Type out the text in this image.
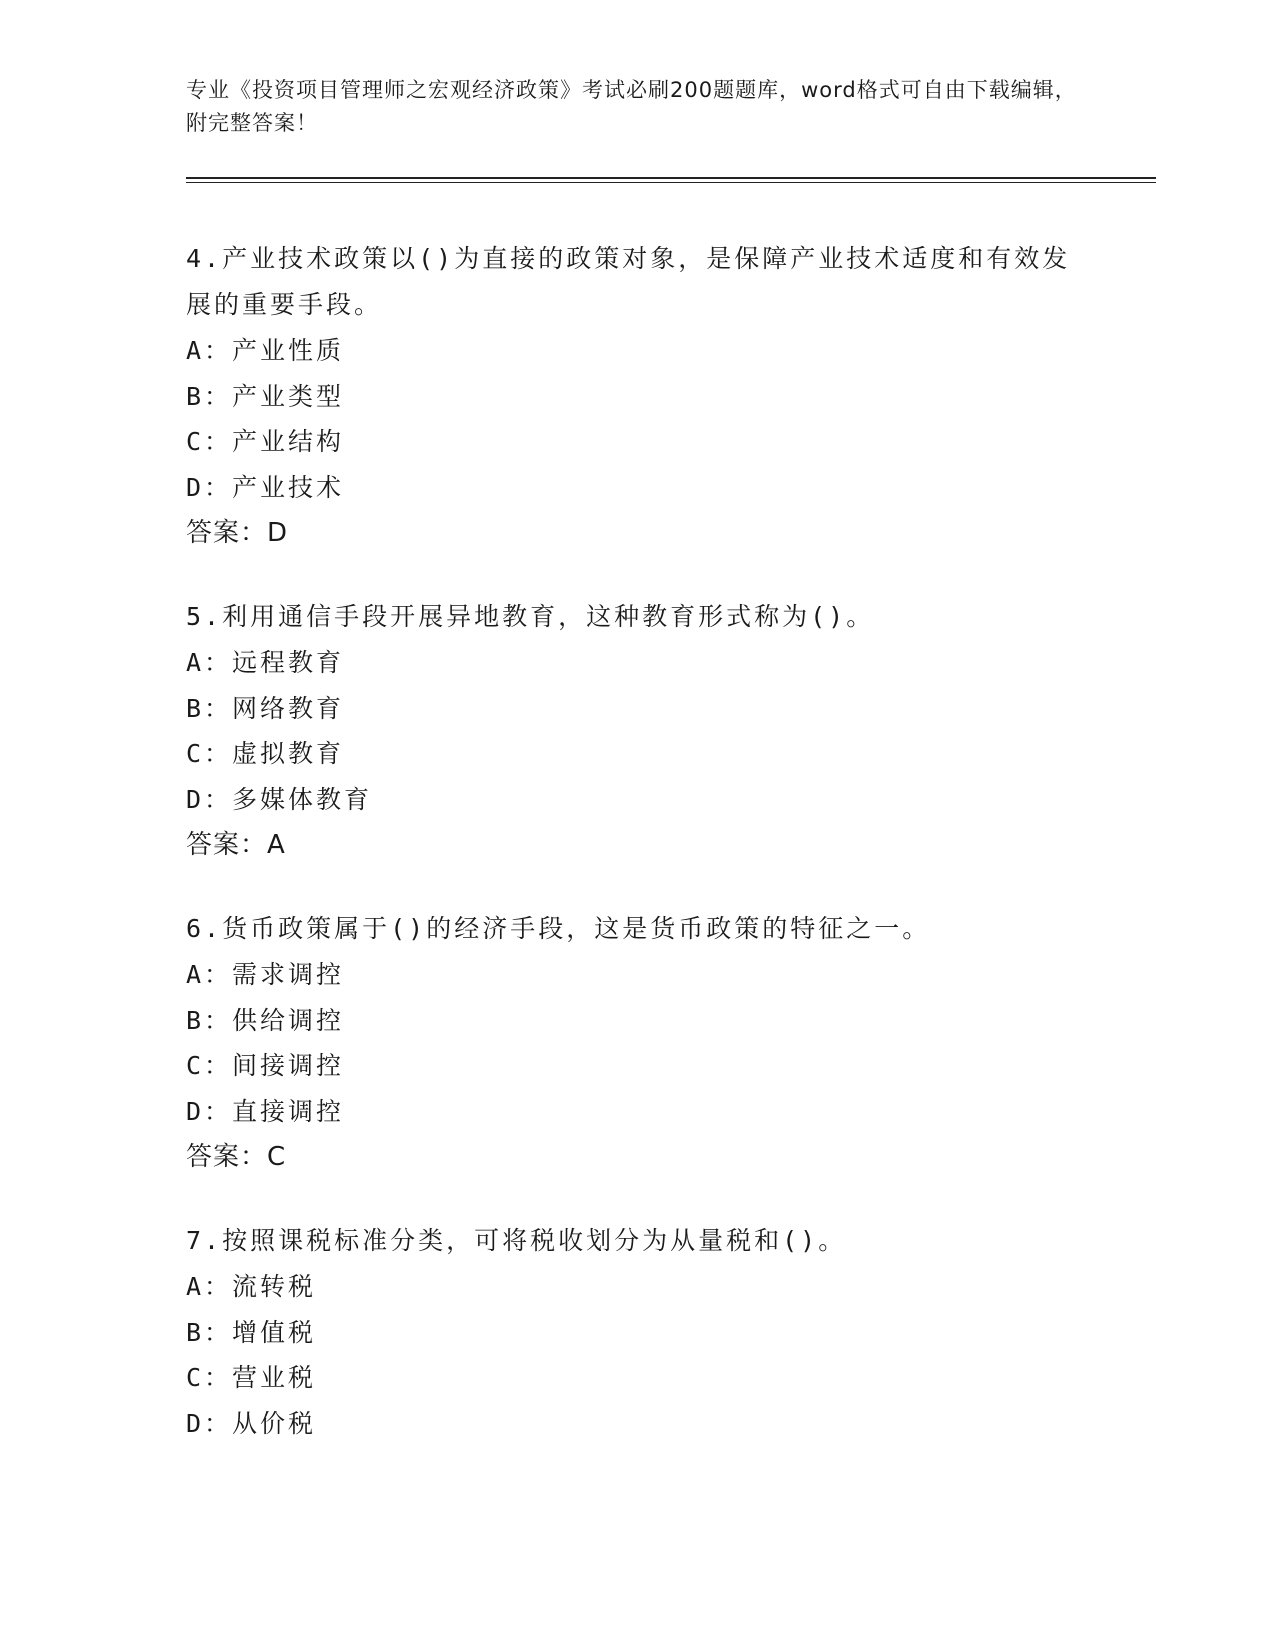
专业《投资项目管理师之宏观经济政策》考试必刷200题题库，word格式可自由下载编辑，附完整答案！

4.产业技术政策以()为直接的政策对象，是保障产业技术适度和有效发展的重要手段。

A：产业性质

B：产业类型

C：产业结构

D：产业技术

答案：D

5.利用通信手段开展异地教育，这种教育形式称为()。

A：远程教育

B：网络教育

C：虚拟教育

D：多媒体教育

答案：A

6.货币政策属于()的经济手段，这是货币政策的特征之一。

A：需求调控

B：供给调控

C：间接调控

D：直接调控

答案：C

7.按照课税标准分类，可将税收划分为从量税和()。

A：流转税

B：增值税

C：营业税

D：从价税
